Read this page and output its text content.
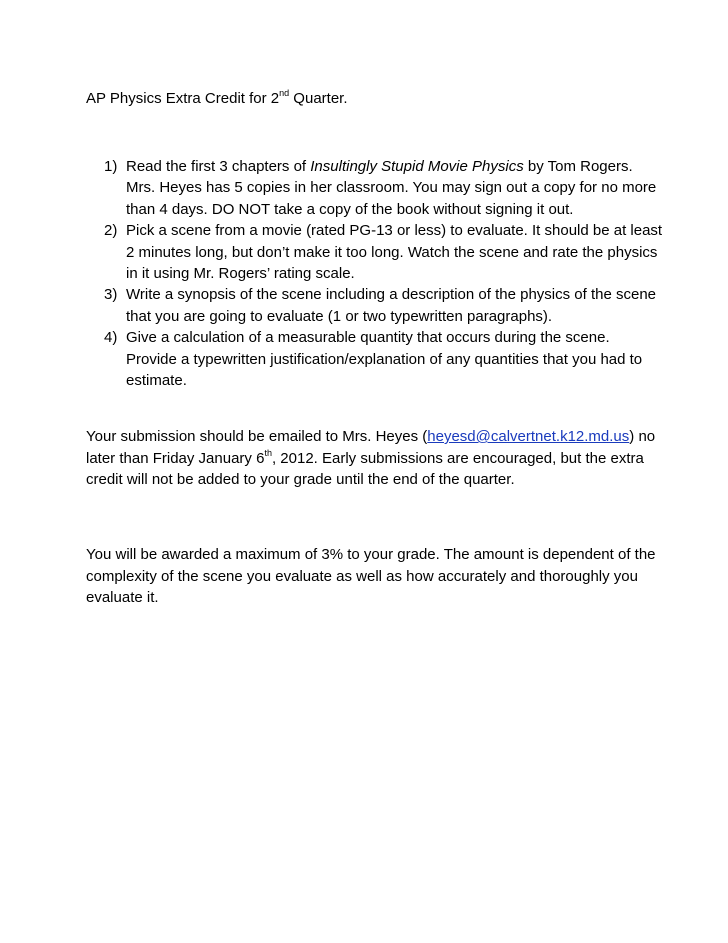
AP Physics Extra Credit for 2nd Quarter.
1) Read the first 3 chapters of Insultingly Stupid Movie Physics by Tom Rogers. Mrs. Heyes has 5 copies in her classroom. You may sign out a copy for no more than 4 days. DO NOT take a copy of the book without signing it out.
2) Pick a scene from a movie (rated PG-13 or less) to evaluate. It should be at least 2 minutes long, but don’t make it too long. Watch the scene and rate the physics in it using Mr. Rogers’ rating scale.
3) Write a synopsis of the scene including a description of the physics of the scene that you are going to evaluate (1 or two typewritten paragraphs).
4) Give a calculation of a measurable quantity that occurs during the scene. Provide a typewritten justification/explanation of any quantities that you had to estimate.

Your submission should be emailed to Mrs. Heyes (heyesd@calvertnet.k12.md.us) no later than Friday January 6th, 2012. Early submissions are encouraged, but the extra credit will not be added to your grade until the end of the quarter.

You will be awarded a maximum of 3% to your grade. The amount is dependent of the complexity of the scene you evaluate as well as how accurately and thoroughly you evaluate it.
